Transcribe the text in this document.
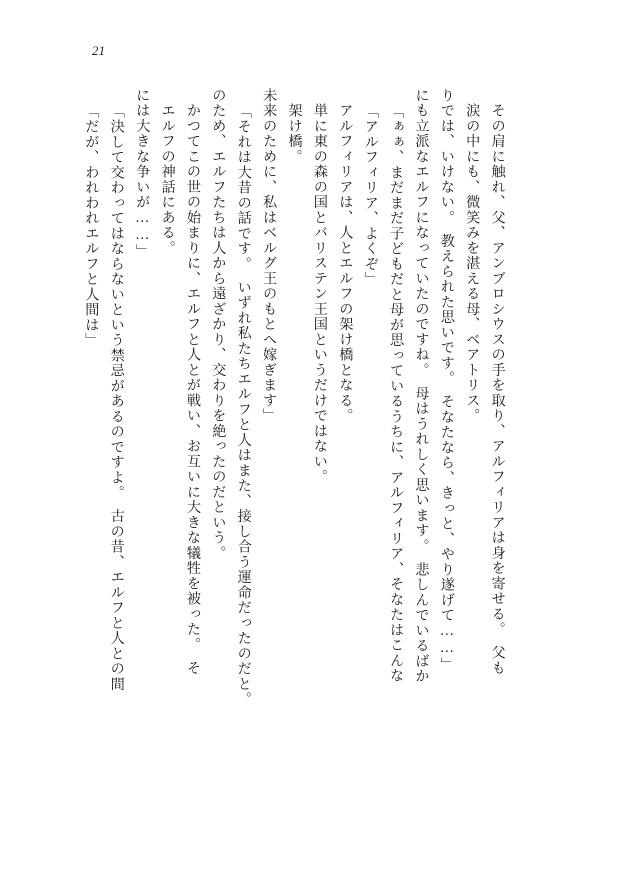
21
「だが、われわれエルフと人間は」 「決して交わってはならないという禁忌があるのですよ。　古の昔、エルフと人との間 には大きな争いが……」 　エルフの神話にある。 　かつてこの世の始まりに、エルフと人とが戦い、お互いに大きな犠牲を被った。　そ のため、エルフたちは人から遠ざかり、交わりを絶ったのだという。 「それは大昔の話です。　いずれ私たちエルフと人はまた、接し合う運命だったのだと。 未来のために、私はベルグ王のもとへ嫁ぎます」 　架け橋。 　単に東の森の国とバリステン王国というだけではない。 　アルフィリアは、人とエルフの架け橋となる。 「アルフィリア、よくぞ」 「ぁぁ、まだまだ子どもだと母が思っているうちに、アルフィリア、そなたはこんな にも立派なエルフになっていたのですね。　母はうれしく思います。　悲しんでいるばか りでは、いけない。　教えられた思いです。　そなたなら、きっと、やり遂げて……」 　涙の中にも、微笑みを湛える母、ベアトリス。 　その肩に触れ、父、アンブロシウスの手を取り、アルフィリアは身を寄せる。　父も
